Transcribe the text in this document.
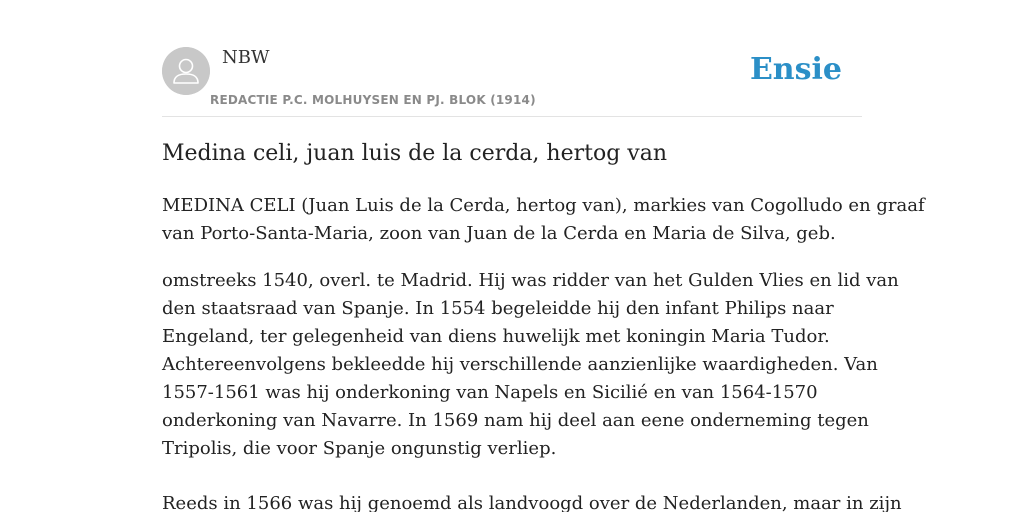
NBW
REDACTIE P.C. MOLHUYSEN EN PJ. BLOK (1914)
Ensie
Medina celi, juan luis de la cerda, hertog van

MEDINA CELI (Juan Luis de la Cerda, hertog van), markies van Cogolludo en graaf
van Porto-Santa-Maria, zoon van Juan de la Cerda en Maria de Silva, geb.

omstreeks 1540, overl. te Madrid. Hij was ridder van het Gulden Vlies en lid van
den staatsraad van Spanje. In 1554 begeleidde hij den infant Philips naar
Engeland, ter gelegenheid van diens huwelijk met koningin Maria Tudor.
Achtereenvolgens bekleedde hij verschillende aanzienlijke waardigheden. Van
1557-1561 was hij onderkoning van Napels en Sicilié en van 1564-1570
onderkoning van Navarre. In 1569 nam hij deel aan eene onderneming tegen
Tripolis, die voor Spanje ongunstig verliep.

Reeds in 1566 was hij genoemd als landvoogd over de Nederlanden, maar in zijn
